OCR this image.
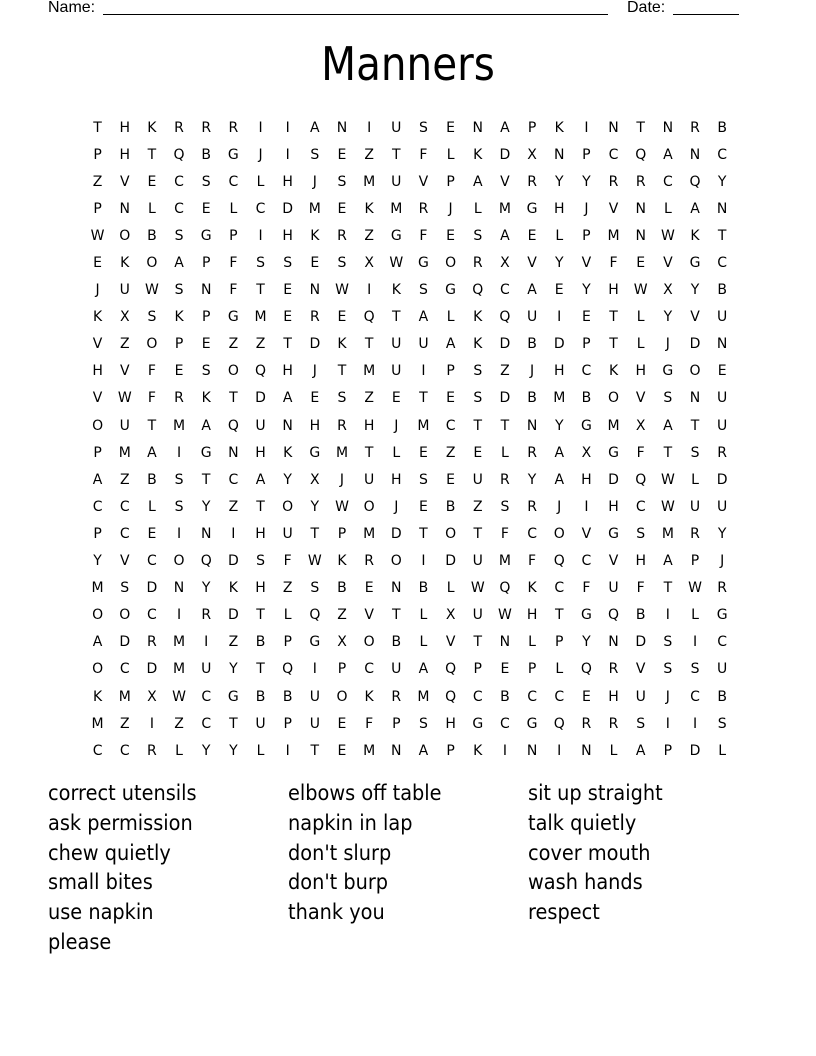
Name:	Date:
Manners
T	H	K	R	R	R	I	I	A	N	I	U	S	E	N	A	P	K	I	N	T	N	R	B
P	H	T	Q	B	G	J	I	S	E	Z	T	F	L	K	D	X	N	P	C	Q	A	N	C
Z	V	E	C	S	C	L	H	J	S	M	U	V	P	A	V	R	Y	Y	R	R	C	Q	Y
P	N	L	C	E	L	C	D	M	E	K	M	R	J	L	M	G	H	J	V	N	L	A	N
W	O	B	S	G	P	I	H	K	R	Z	G	F	E	S	A	E	L	P	M	N	W	K	T
E	K	O	A	P	F	S	S	E	S	X	W	G	O	R	X	V	Y	V	F	E	V	G	C
J	U	W	S	N	F	T	E	N	W	I	K	S	G	Q	C	A	E	Y	H	W	X	Y	B
K	X	S	K	P	G	M	E	R	E	Q	T	A	L	K	Q	U	I	E	T	L	Y	V	U
V	Z	O	P	E	Z	Z	T	D	K	T	U	U	A	K	D	B	D	P	T	L	J	D	N
H	V	F	E	S	O	Q	H	J	T	M	U	I	P	S	Z	J	H	C	K	H	G	O	E
V	W	F	R	K	T	D	A	E	S	Z	E	T	E	S	D	B	M	B	O	V	S	N	U
O	U	T	M	A	Q	U	N	H	R	H	J	M	C	T	T	N	Y	G	M	X	A	T	U
P	M	A	I	G	N	H	K	G	M	T	L	E	Z	E	L	R	A	X	G	F	T	S	R
A	Z	B	S	T	C	A	Y	X	J	U	H	S	E	U	R	Y	A	H	D	Q	W	L	D
C	C	L	S	Y	Z	T	O	Y	W	O	J	E	B	Z	S	R	J	I	H	C	W	U	U
P	C	E	I	N	I	H	U	T	P	M	D	T	O	T	F	C	O	V	G	S	M	R	Y
Y	V	C	O	Q	D	S	F	W	K	R	O	I	D	U	M	F	Q	C	V	H	A	P	J
M	S	D	N	Y	K	H	Z	S	B	E	N	B	L	W	Q	K	C	F	U	F	T	W	R
O	O	C	I	R	D	T	L	Q	Z	V	T	L	X	U	W	H	T	G	Q	B	I	L	G
A	D	R	M	I	Z	B	P	G	X	O	B	L	V	T	N	L	P	Y	N	D	S	I	C
O	C	D	M	U	Y	T	Q	I	P	C	U	A	Q	P	E	P	L	Q	R	V	S	S	U
K	M	X	W	C	G	B	B	U	O	K	R	M	Q	C	B	C	C	E	H	U	J	C	B
M	Z	I	Z	C	T	U	P	U	E	F	P	S	H	G	C	G	Q	R	R	S	I	I	S
C	C	R	L	Y	Y	L	I	T	E	M	N	A	P	K	I	N	I	N	L	A	P	D	L
correct utensils
ask permission
chew quietly
small bites
use napkin
please
elbows off table
napkin in lap
don't slurp
don't burp
thank you
sit up straight
talk quietly
cover mouth
wash hands
respect
